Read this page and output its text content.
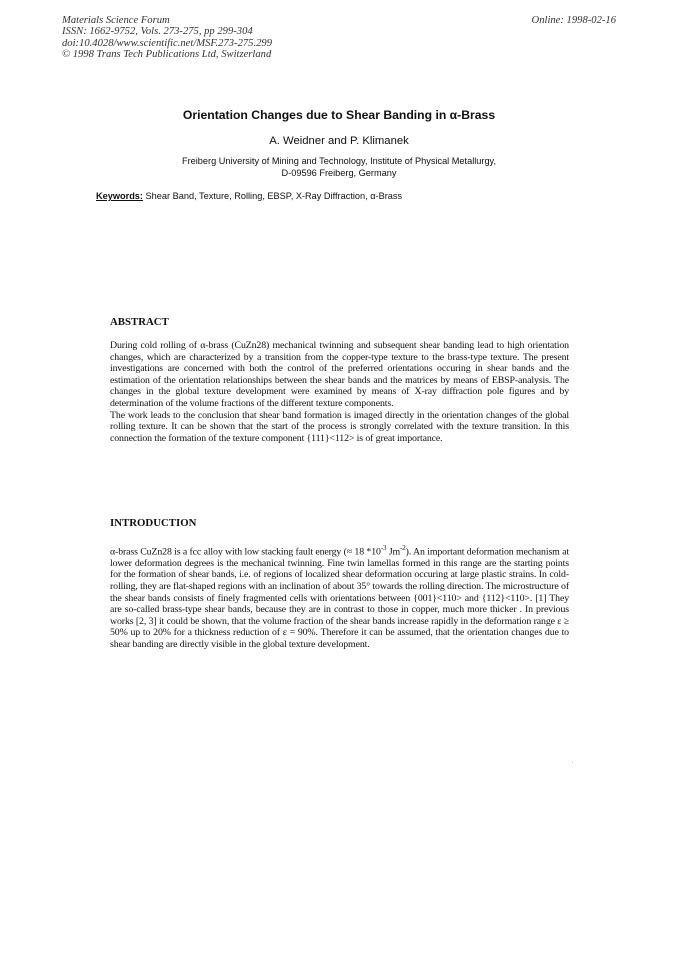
Materials Science Forum
ISSN: 1662-9752, Vols. 273-275, pp 299-304
doi:10.4028/www.scientific.net/MSF.273-275.299
© 1998 Trans Tech Publications Ltd, Switzerland
Online: 1998-02-16
Orientation Changes due to Shear Banding in α-Brass
A. Weidner and P. Klimanek
Freiberg University of Mining and Technology, Institute of Physical Metallurgy,
D-09596 Freiberg, Germany
Keywords: Shear Band, Texture, Rolling, EBSP, X-Ray Diffraction, α-Brass
ABSTRACT

During cold rolling of α-brass (CuZn28) mechanical twinning and subsequent shear banding lead to high orientation changes, which are characterized by a transition from the copper-type texture to the brass-type texture. The present investigations are concerned with both the control of the preferred orientations occuring in shear bands and the estimation of the orientation relationships between the shear bands and the matrices by means of EBSP-analysis. The changes in the global texture development were examined by means of X-ray diffraction pole figures and by determination of the volume fractions of the different texture components.

The work leads to the conclusion that shear band formation is imaged directly in the orientation changes of the global rolling texture. It can be shown that the start of the process is strongly correlated with the texture transition. In this connection the formation of the texture component {111}<112> is of great importance.

INTRODUCTION

α-brass CuZn28 is a fcc alloy with low stacking fault energy (≈ 18 $*10^{-3}$ $Jm^{-2}$). An important deformation mechanism at lower deformation degrees is the mechanical twinning. Fine twin lamellas formed in this range are the starting points for the formation of shear bands, i.e. of regions of localized shear deformation occuring at large plastic strains. In cold- rolling, they are flat-shaped regions with an inclination of about 35° towards the rolling direction. The microstructure of the shear bands consists of finely fragmented cells with orientations between {001}<110> and {112}<110>. [1] They are so-called brass-type shear bands, because they are in contrast to those in copper, much more thicker . In previous works [2, 3] it could be shown, that the volume fraction of the shear bands increase rapidly in the deformation range ε ≥ 50% up to 20% for a thickness reduction of ε = 90%. Therefore it can be assumed, that the orientation changes due to shear banding are directly visible in the global texture development.
